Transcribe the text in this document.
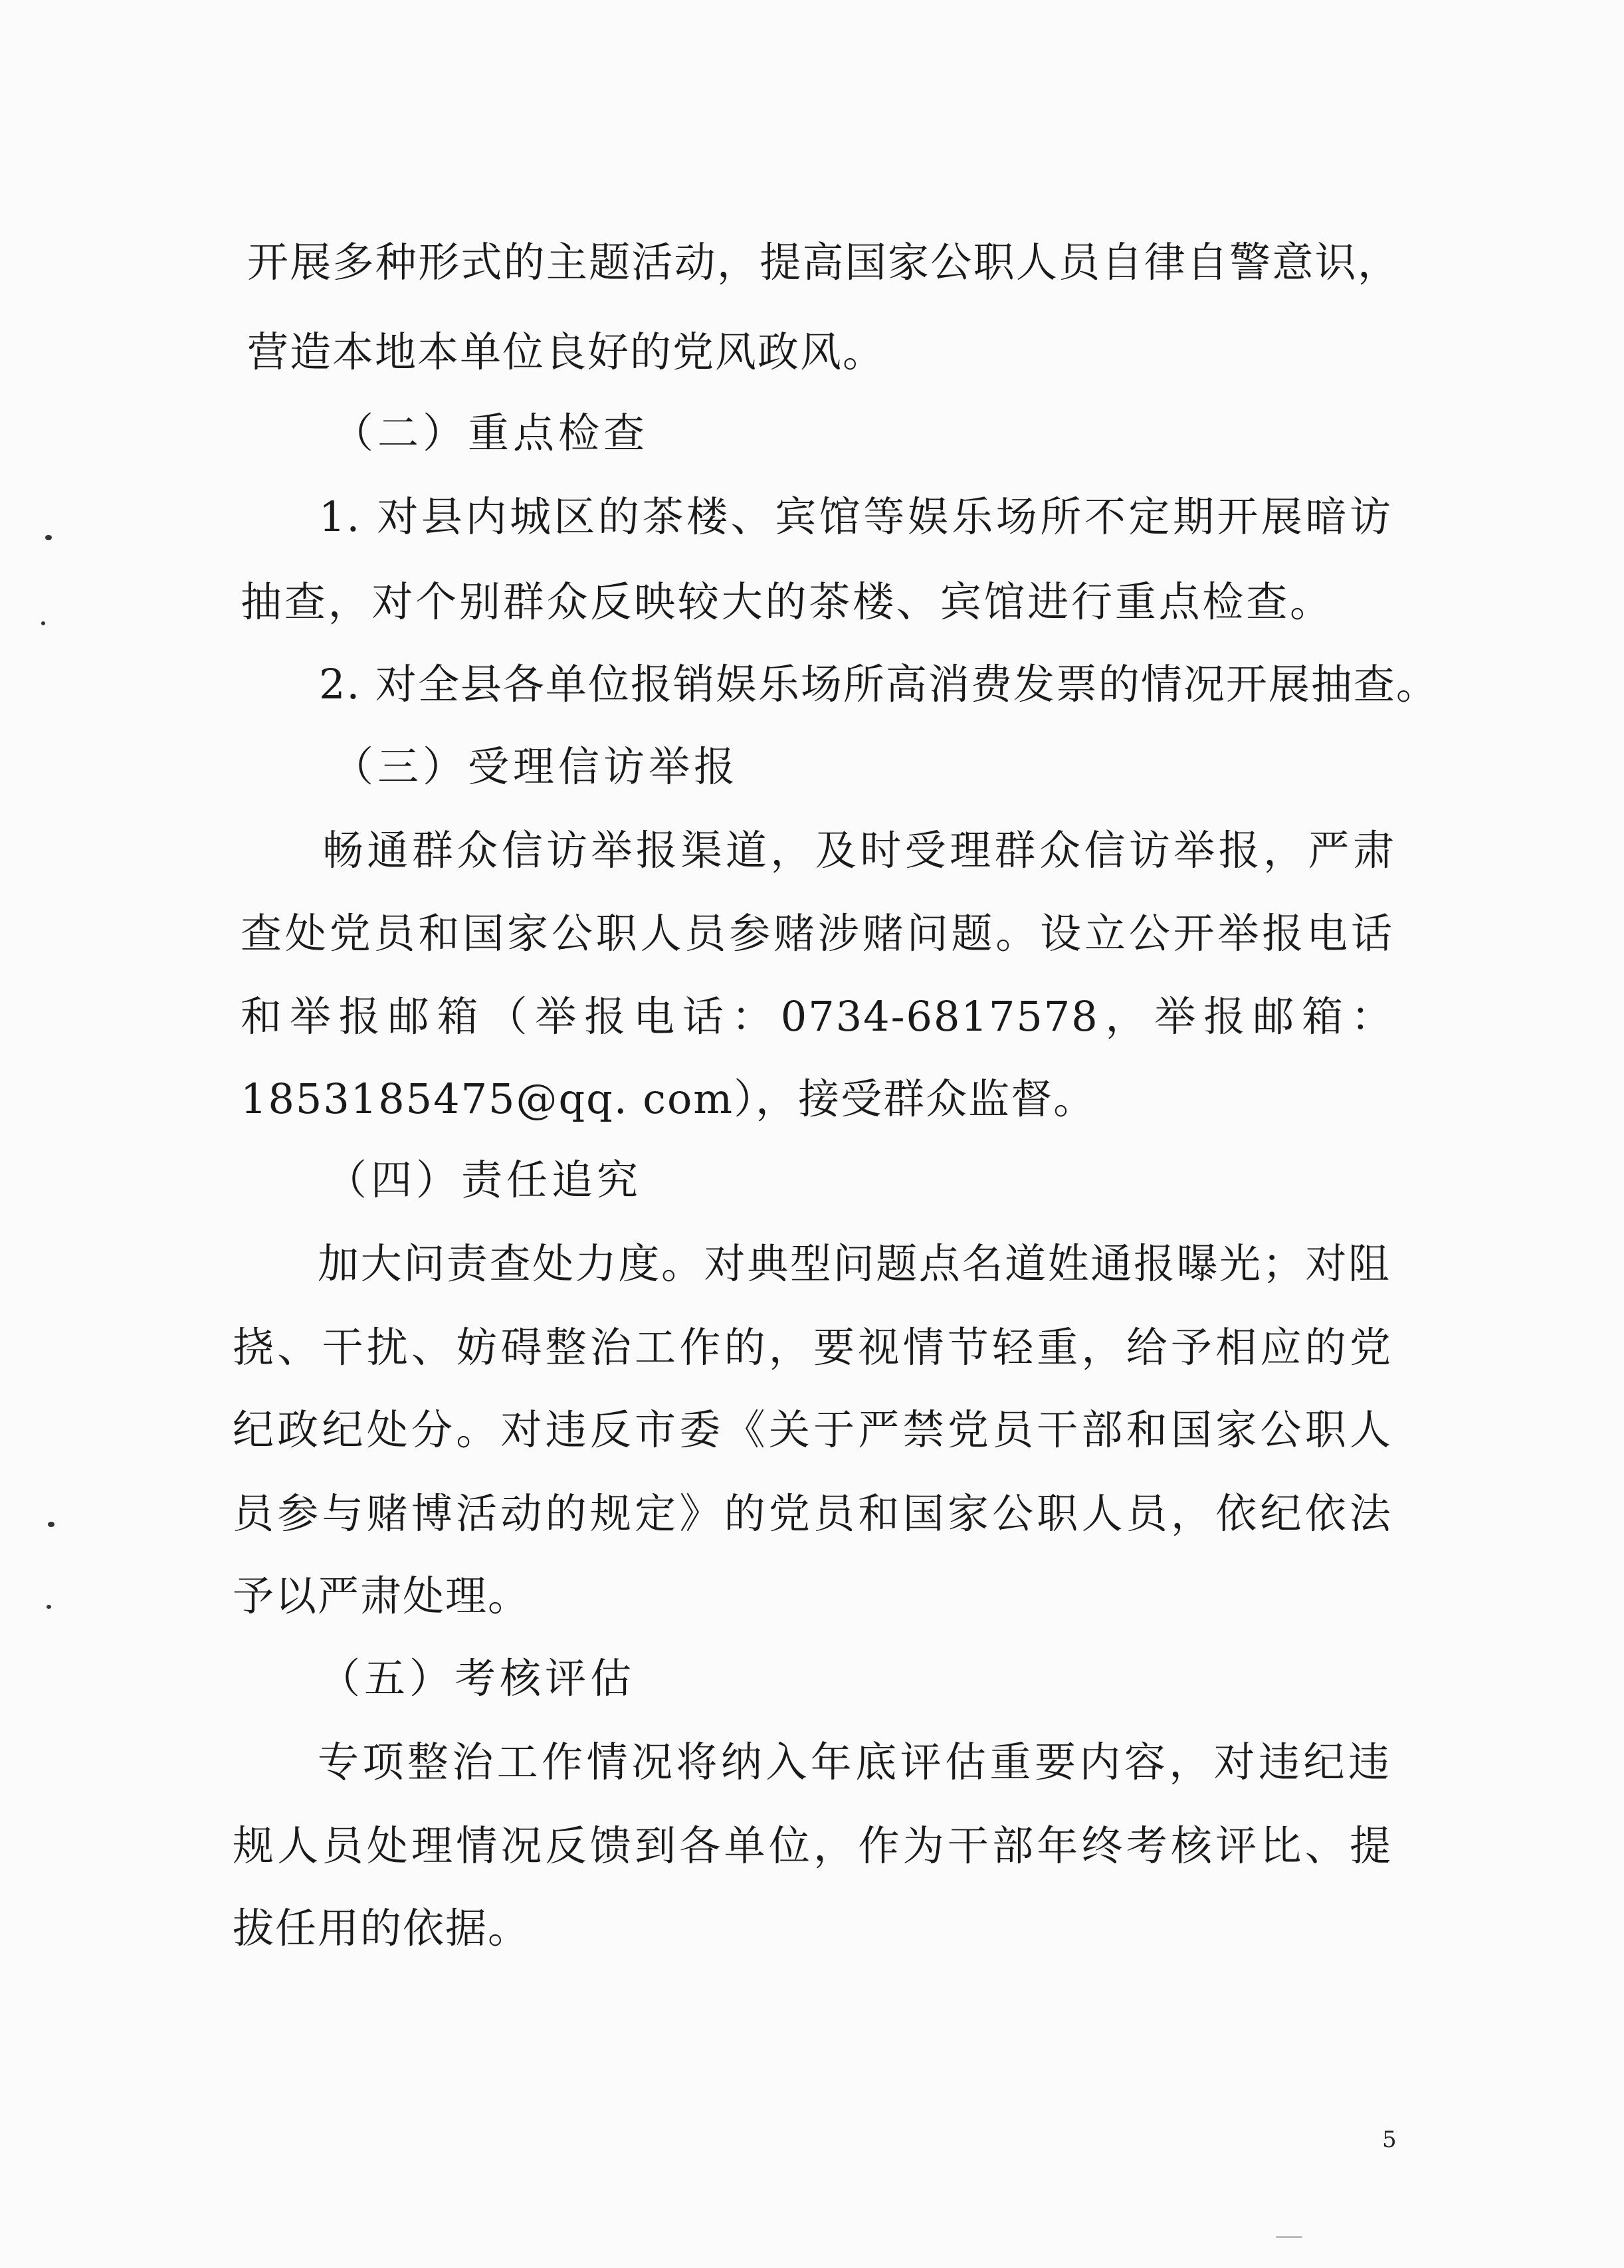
开展多种形式的主题活动，提高国家公职人员自律自警意识，
营造本地本单位良好的党风政风。
（二）重点检查
1. 对县内城区的茶楼、宾馆等娱乐场所不定期开展暗访
抽查，对个别群众反映较大的茶楼、宾馆进行重点检查。
2. 对全县各单位报销娱乐场所高消费发票的情况开展抽查。
（三）受理信访举报
畅通群众信访举报渠道，及时受理群众信访举报，严肃
查处党员和国家公职人员参赌涉赌问题。设立公开举报电话
和举报邮箱（举报电话：0734-6817578，举报邮箱：
1853185475@qq. com），接受群众监督。
（四）责任追究
加大问责查处力度。对典型问题点名道姓通报曝光；对阻
挠、干扰、妨碍整治工作的，要视情节轻重，给予相应的党
纪政纪处分。对违反市委《关于严禁党员干部和国家公职人
员参与赌博活动的规定》的党员和国家公职人员，依纪依法
予以严肃处理。
（五）考核评估
专项整治工作情况将纳入年底评估重要内容，对违纪违
规人员处理情况反馈到各单位，作为干部年终考核评比、提
拔任用的依据。
5
